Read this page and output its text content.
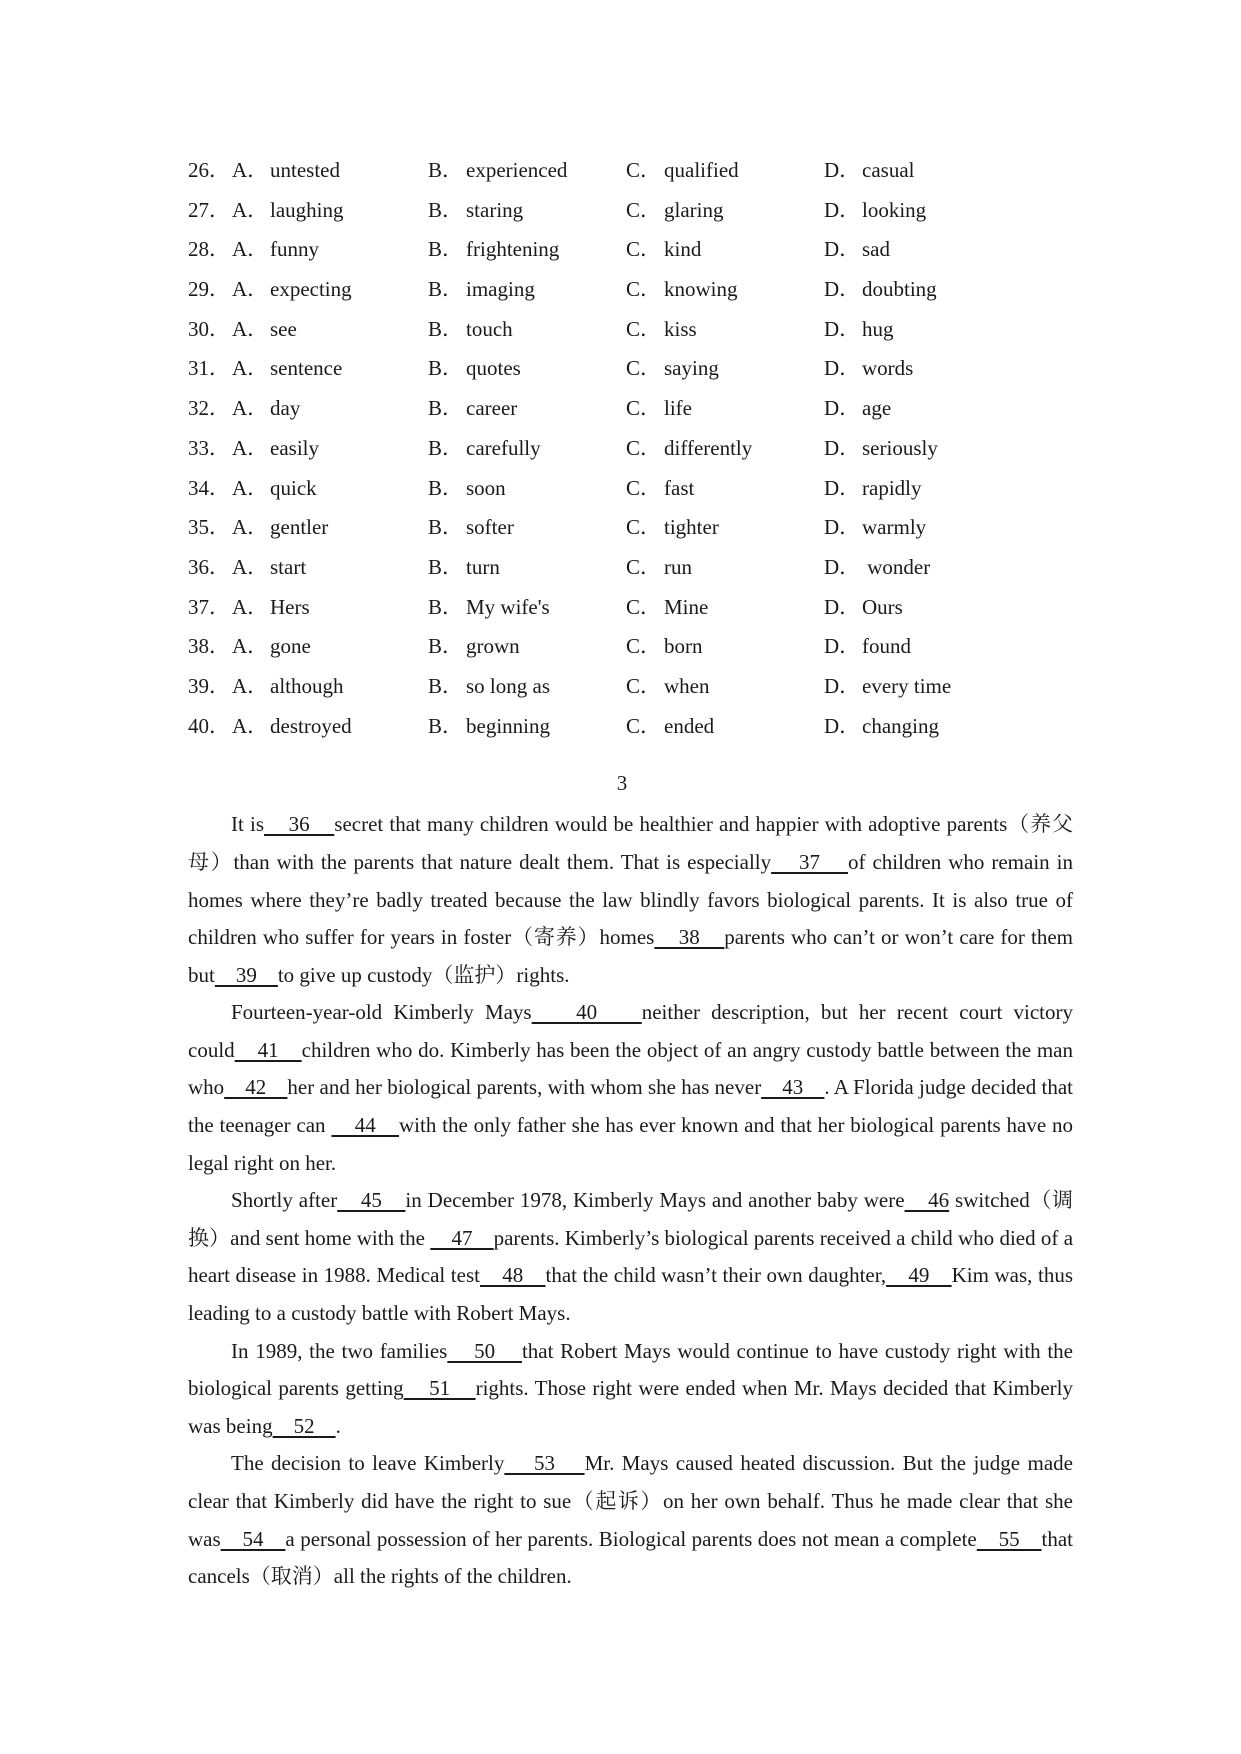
26． A． untested	B． experienced	C． qualified	D． casual
27． A． laughing	B． staring	C． glaring	D． looking
28． A． funny	B． frightening	C． kind	D． sad
29． A． expecting	B． imaging	C． knowing	D． doubting
30． A． see	B． touch	C． kiss	D． hug
31． A． sentence	B． quotes	C． saying	D． words
32． A． day	B． career	C． life	D． age
33． A． easily	B． carefully	C． differently	D． seriously
34． A． quick	B． soon	C． fast	D． rapidly
35． A． gentler	B． softer	C． tighter	D． warmly
36． A． start	B． turn	C． run	D． wonder
37． A． Hers	B． My wife's	C． Mine	D． Ours
38． A． gone	B． grown	C． born	D． found
39． A． although	B． so long as	C． when	D． every time
40． A． destroyed	B． beginning	C． ended	D． changing
3

It is    36    secret that many children would be healthier and happier with adoptive parents（养父母）than with the parents that nature dealt them. That is especially    37    of children who remain in homes where they’re badly treated because the law blindly favors biological parents. It is also true of children who suffer for years in foster（寄养）homes    38    parents who can’t or won’t care for them but    39    to give up custody（监护）rights.

Fourteen-year-old Kimberly Mays    40    neither description, but her recent court victory could    41    children who do. Kimberly has been the object of an angry custody battle between the man who    42    her and her biological parents, with whom she has never    43    . A Florida judge decided that the teenager can     44    with the only father she has ever known and that her biological parents have no legal right on her.

Shortly after    45    in December 1978, Kimberly Mays and another baby were    46 switched（调换）and sent home with the     47    parents. Kimberly’s biological parents received a child who died of a heart disease in 1988. Medical test    48    that the child wasn’t their own daughter,    49    Kim was, thus leading to a custody battle with Robert Mays.

In 1989, the two families    50    that Robert Mays would continue to have custody right with the biological parents getting    51    rights. Those right were ended when Mr. Mays decided that Kimberly was being    52    .

The decision to leave Kimberly    53    Mr. Mays caused heated discussion. But the judge made clear that Kimberly did have the right to sue（起诉）on her own behalf. Thus he made clear that she was    54    a personal possession of her parents. Biological parents does not mean a complete    55    that cancels（取消）all the rights of the children.
